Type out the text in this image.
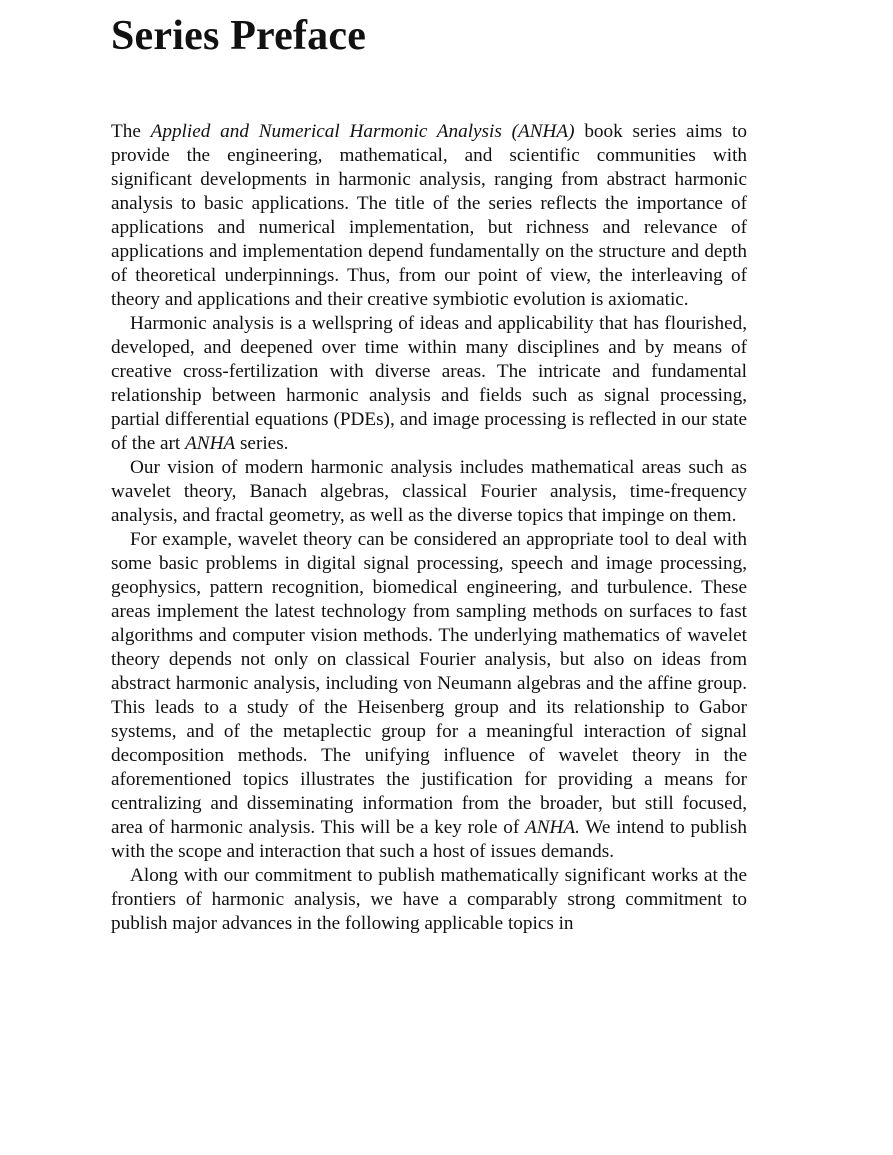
Series Preface

The Applied and Numerical Harmonic Analysis (ANHA) book series aims to provide the engineering, mathematical, and scientific communities with significant developments in harmonic analysis, ranging from abstract harmonic analysis to basic applications. The title of the series reflects the importance of applications and numerical implementation, but richness and relevance of applications and implementation depend fundamentally on the structure and depth of theoretical underpinnings. Thus, from our point of view, the interleaving of theory and applications and their creative symbiotic evolution is axiomatic.

Harmonic analysis is a wellspring of ideas and applicability that has flourished, developed, and deepened over time within many disciplines and by means of creative cross-fertilization with diverse areas. The intricate and fundamental relationship between harmonic analysis and fields such as signal processing, partial differential equations (PDEs), and image processing is reflected in our state of the art ANHA series.

Our vision of modern harmonic analysis includes mathematical areas such as wavelet theory, Banach algebras, classical Fourier analysis, time-frequency analysis, and fractal geometry, as well as the diverse topics that impinge on them.

For example, wavelet theory can be considered an appropriate tool to deal with some basic problems in digital signal processing, speech and image processing, geophysics, pattern recognition, biomedical engineering, and turbulence. These areas implement the latest technology from sampling methods on surfaces to fast algorithms and computer vision methods. The underlying mathematics of wavelet theory depends not only on classical Fourier analysis, but also on ideas from abstract harmonic analysis, including von Neumann algebras and the affine group. This leads to a study of the Heisenberg group and its relationship to Gabor systems, and of the metaplectic group for a meaningful interaction of signal decomposition methods. The unifying influence of wavelet theory in the aforementioned topics illustrates the justification for providing a means for centralizing and disseminating information from the broader, but still focused, area of harmonic analysis. This will be a key role of ANHA. We intend to publish with the scope and interaction that such a host of issues demands.

Along with our commitment to publish mathematically significant works at the frontiers of harmonic analysis, we have a comparably strong commitment to publish major advances in the following applicable topics in
